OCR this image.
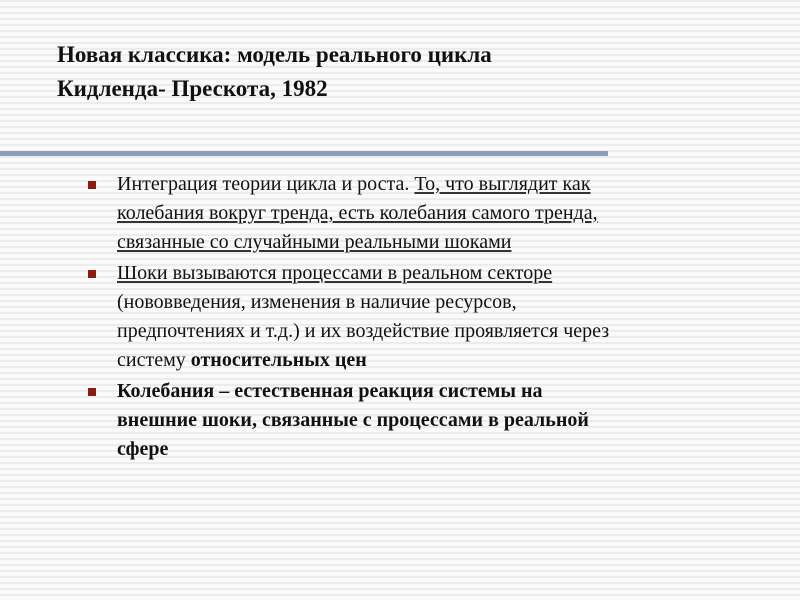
Новая классика: модель реального цикла
Кидленда- Прескота, 1982
Интеграция теории цикла и роста. То, что выглядит как
колебания вокруг тренда, есть колебания самого тренда,
связанные со случайными реальными шоками
Шоки вызываются процессами в реальном секторе
(нововведения, изменения в наличие ресурсов,
предпочтениях и т.д.) и их воздействие проявляется через
систему относительных цен
Колебания – естественная реакция системы на
внешние шоки, связанные с процессами в реальной
сфере
